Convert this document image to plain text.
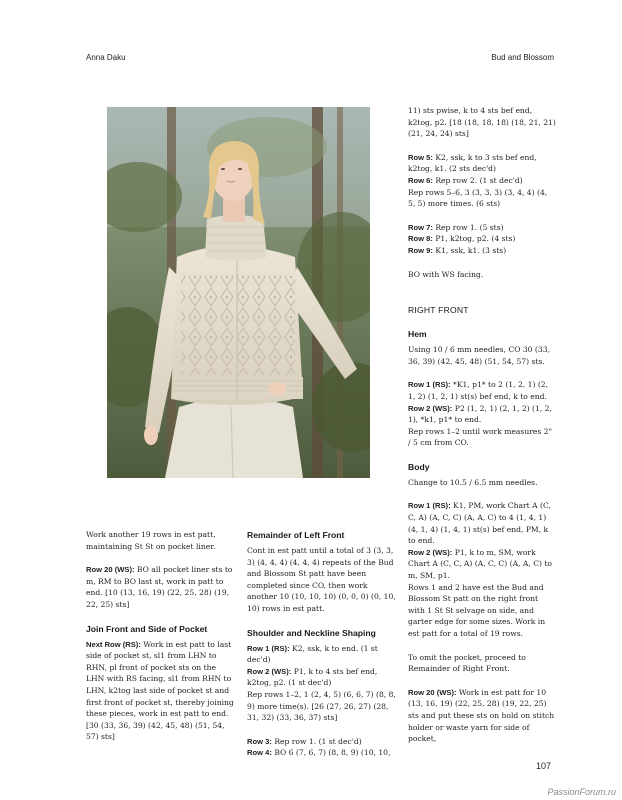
Anna Daku	Bud and Blossom

Work another 19 rows in est patt, maintaining St St on pocket liner.

Row 20 (WS): BO all pocket liner sts to m, RM to BO last st, work in patt to end. [10 (13, 16, 19) (22, 25, 28) (19, 22, 25) sts]

Join Front and Side of Pocket

Next Row (RS): Work in est patt to last side of pocket st, sl1 from LHN to RHN, pl front of pocket sts on the LHN with RS facing, sl1 from RHN to LHN, k2tog last side of pocket st and first front of pocket st, thereby joining these pieces, work in est patt to end. [30 (33, 36, 39) (42, 45, 48) (51, 54, 57) sts]

Remainder of Left Front

Cont in est patt until a total of 3 (3, 3, 3) (4, 4, 4) (4, 4, 4) repeats of the Bud and Blossom St patt have been completed since CO, then work another 10 (10, 10, 10) (0, 0, 0) (0, 10, 10) rows in est patt.

Shoulder and Neckline Shaping

Row 1 (RS): K2, ssk, k to end. (1 st dec'd)

Row 2 (WS): P1, k to 4 sts bef end, k2tog, p2. (1 st dec'd)

Rep rows 1–2, 1 (2, 4, 5) (6, 6, 7) (8, 8, 9) more time(s). [26 (27, 26, 27) (28, 31, 32) (33, 36, 37) sts]

Row 3: Rep row 1. (1 st dec'd)

Row 4: BO 6 (7, 6, 7) (8, 8, 9) (10, 10,

11) sts pwise, k to 4 sts bef end, k2tog, p2. [18 (18, 18, 18) (18, 21, 21) (21, 24, 24) sts]

Row 5: K2, ssk, k to 3 sts bef end, k2tog, k1. (2 sts dec'd)

Row 6: Rep row 2. (1 st dec'd)

Rep rows 5–6, 3 (3, 3, 3) (3, 4, 4) (4, 5, 5) more times. (6 sts)

Row 7: Rep row 1. (5 sts)

Row 8: P1, k2tog, p2. (4 sts)

Row 9: K1, ssk, k1. (3 sts)

BO with WS facing.

RIGHT FRONT
Hem

Using 10 / 6 mm needles, CO 30 (33, 36, 39) (42, 45, 48) (51, 54, 57) sts.

Row 1 (RS): *K1, p1* to 2 (1, 2, 1) (2, 1, 2) (1, 2, 1) st(s) bef end, k to end.

Row 2 (WS): P2 (1, 2, 1) (2, 1, 2) (1, 2, 1), *k1, p1* to end.

Rep rows 1–2 until work measures 2" / 5 cm from CO.

Body

Change to 10.5 / 6.5 mm needles.

Row 1 (RS): K1, PM, work Chart A (C, C, A) (A, C, C) (A, A, C) to 4 (1, 4, 1) (4, 1, 4) (1, 4, 1) st(s) bef end, PM, k to end.

Row 2 (WS): P1, k to m, SM, work Chart A (C, C, A) (A, C, C) (A, A, C) to m, SM, p1.

Rows 1 and 2 have est the Bud and Blossom St patt on the right front with 1 St St selvage on side, and garter edge for some sizes. Work in est patt for a total of 19 rows.

To omit the pocket, proceed to Remainder of Right Front.

Row 20 (WS): Work in est patt for 10 (13, 16, 19) (22, 25, 28) (19, 22, 25) sts and put these sts on hold on stitch holder or waste yarn for side of pocket,

107
PassionForum.ru
